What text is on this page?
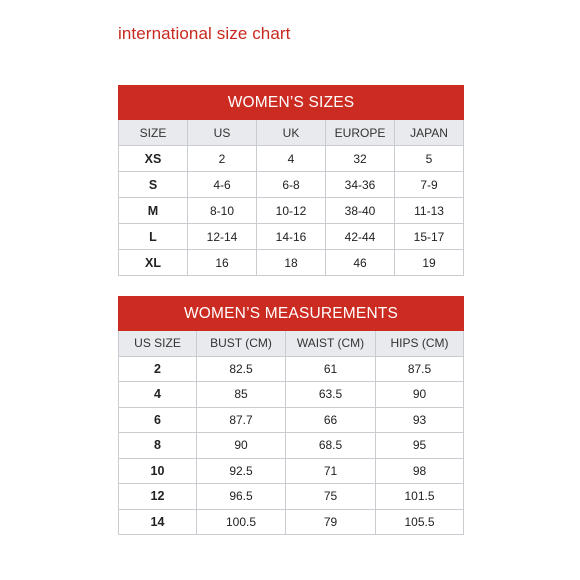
international size chart
WOMEN’S SIZES				
SIZE	US	UK	EUROPE	JAPAN
XS	2	4	32	5
S	4-6	6-8	34-36	7-9
M	8-10	10-12	38-40	11-13
L	12-14	14-16	42-44	15-17
XL	16	18	46	19
WOMEN’S MEASUREMENTS			
US SIZE	BUST (CM)	WAIST (CM)	HIPS (CM)
2	82.5	61	87.5
4	85	63.5	90
6	87.7	66	93
8	90	68.5	95
10	92.5	71	98
12	96.5	75	101.5
14	100.5	79	105.5
